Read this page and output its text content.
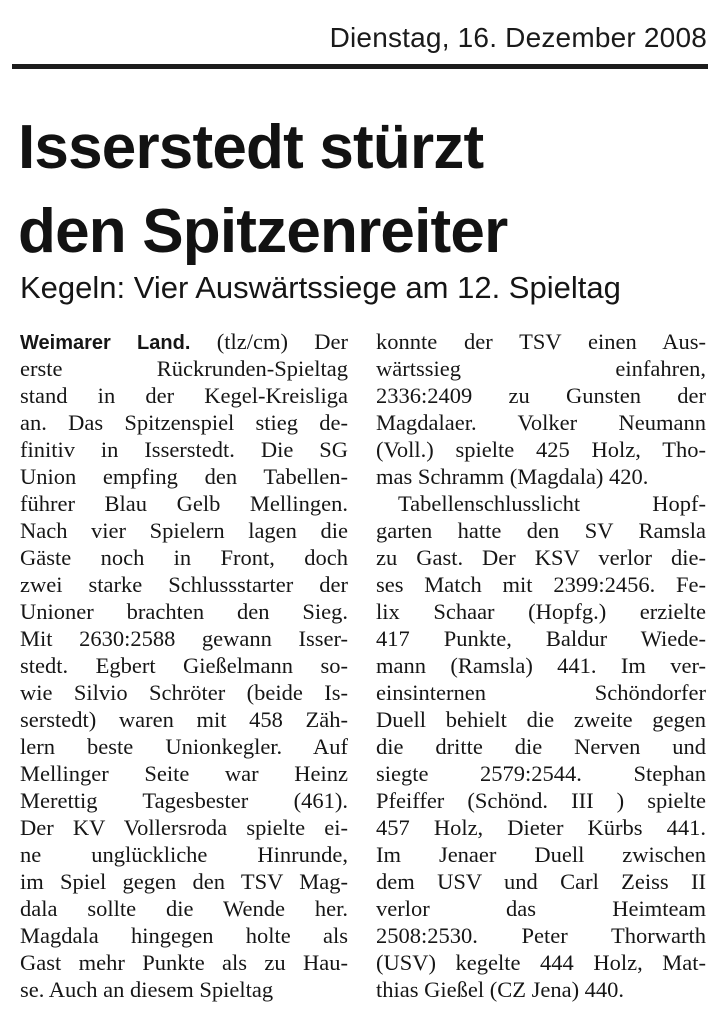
Dienstag, 16. Dezember 2008
Isserstedt stürzt
den Spitzenreiter
Kegeln: Vier Auswärtssiege am 12. Spieltag
Weimarer Land. (tlz/cm) Der
erste Rückrunden-Spieltag
stand in der Kegel-Kreisliga
an. Das Spitzenspiel stieg de-
finitiv in Isserstedt. Die SG
Union empfing den Tabellen-
führer Blau Gelb Mellingen.
Nach vier Spielern lagen die
Gäste noch in Front, doch
zwei starke Schlussstarter der
Unioner brachten den Sieg.
Mit 2630:2588 gewann Isser-
stedt. Egbert Gießelmann so-
wie Silvio Schröter (beide Is-
serstedt) waren mit 458 Zäh-
lern beste Unionkegler. Auf
Mellinger Seite war Heinz
Merettig Tagesbester (461).
Der KV Vollersroda spielte ei-
ne unglückliche Hinrunde,
im Spiel gegen den TSV Mag-
dala sollte die Wende her.
Magdala hingegen holte als
Gast mehr Punkte als zu Hau-
se. Auch an diesem Spieltag
konnte der TSV einen Aus-
wärtssieg einfahren,
2336:2409 zu Gunsten der
Magdalaer. Volker Neumann
(Voll.) spielte 425 Holz, Tho-
mas Schramm (Magdala) 420.
Tabellenschlusslicht Hopf-
garten hatte den SV Ramsla
zu Gast. Der KSV verlor die-
ses Match mit 2399:2456. Fe-
lix Schaar (Hopfg.) erzielte
417 Punkte, Baldur Wiede-
mann (Ramsla) 441. Im ver-
einsinternen Schöndorfer
Duell behielt die zweite gegen
die dritte die Nerven und
siegte 2579:2544. Stephan
Pfeiffer (Schönd. III ) spielte
457 Holz, Dieter Kürbs 441.
Im Jenaer Duell zwischen
dem USV und Carl Zeiss II
verlor das Heimteam
2508:2530. Peter Thorwarth
(USV) kegelte 444 Holz, Mat-
thias Gießel (CZ Jena) 440.
